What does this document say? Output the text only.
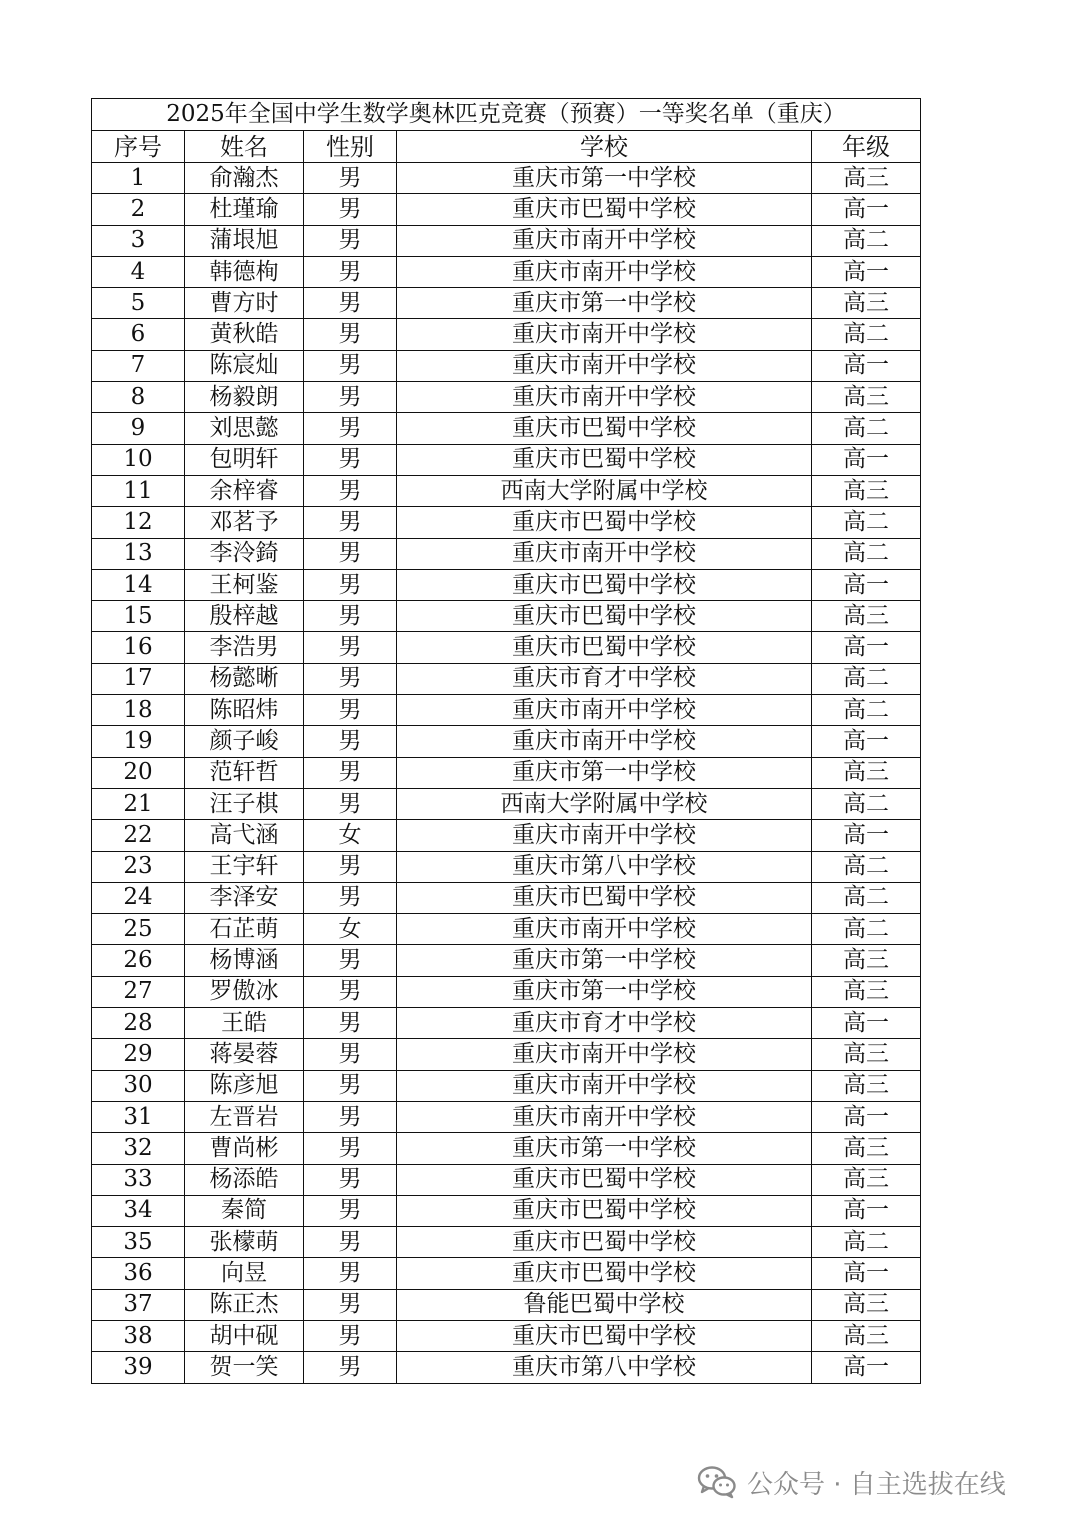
2025年全国中学生数学奥林匹克竞赛（预赛）一等奖名单（重庆）				
序号	姓名	性别	学校	年级
1	俞瀚杰	男	重庆市第一中学校	高三
2	杜瑾瑜	男	重庆市巴蜀中学校	高一
3	蒲垠旭	男	重庆市南开中学校	高二
4	韩德栒	男	重庆市南开中学校	高一
5	曹方时	男	重庆市第一中学校	高三
6	黄秋皓	男	重庆市南开中学校	高二
7	陈宸灿	男	重庆市南开中学校	高一
8	杨毅朗	男	重庆市南开中学校	高三
9	刘思懿	男	重庆市巴蜀中学校	高二
10	包明轩	男	重庆市巴蜀中学校	高一
11	余梓睿	男	西南大学附属中学校	高三
12	邓茗予	男	重庆市巴蜀中学校	高二
13	李泠錡	男	重庆市南开中学校	高二
14	王柯鉴	男	重庆市巴蜀中学校	高一
15	殷梓越	男	重庆市巴蜀中学校	高三
16	李浩男	男	重庆市巴蜀中学校	高一
17	杨懿晰	男	重庆市育才中学校	高二
18	陈昭炜	男	重庆市南开中学校	高二
19	颜子峻	男	重庆市南开中学校	高一
20	范轩哲	男	重庆市第一中学校	高三
21	汪子棋	男	西南大学附属中学校	高二
22	高弋涵	女	重庆市南开中学校	高一
23	王宇轩	男	重庆市第八中学校	高二
24	李泽安	男	重庆市巴蜀中学校	高二
25	石芷萌	女	重庆市南开中学校	高二
26	杨博涵	男	重庆市第一中学校	高三
27	罗傲冰	男	重庆市第一中学校	高三
28	王皓	男	重庆市育才中学校	高一
29	蒋晏蓉	男	重庆市南开中学校	高三
30	陈彦旭	男	重庆市南开中学校	高三
31	左晋岩	男	重庆市南开中学校	高一
32	曹尚彬	男	重庆市第一中学校	高三
33	杨添皓	男	重庆市巴蜀中学校	高三
34	秦简	男	重庆市巴蜀中学校	高一
35	张檬萌	男	重庆市巴蜀中学校	高二
36	向昱	男	重庆市巴蜀中学校	高一
37	陈正杰	男	鲁能巴蜀中学校	高三
38	胡中砚	男	重庆市巴蜀中学校	高三
39	贺一笑	男	重庆市第八中学校	高一
公众号 · 自主选拔在线
